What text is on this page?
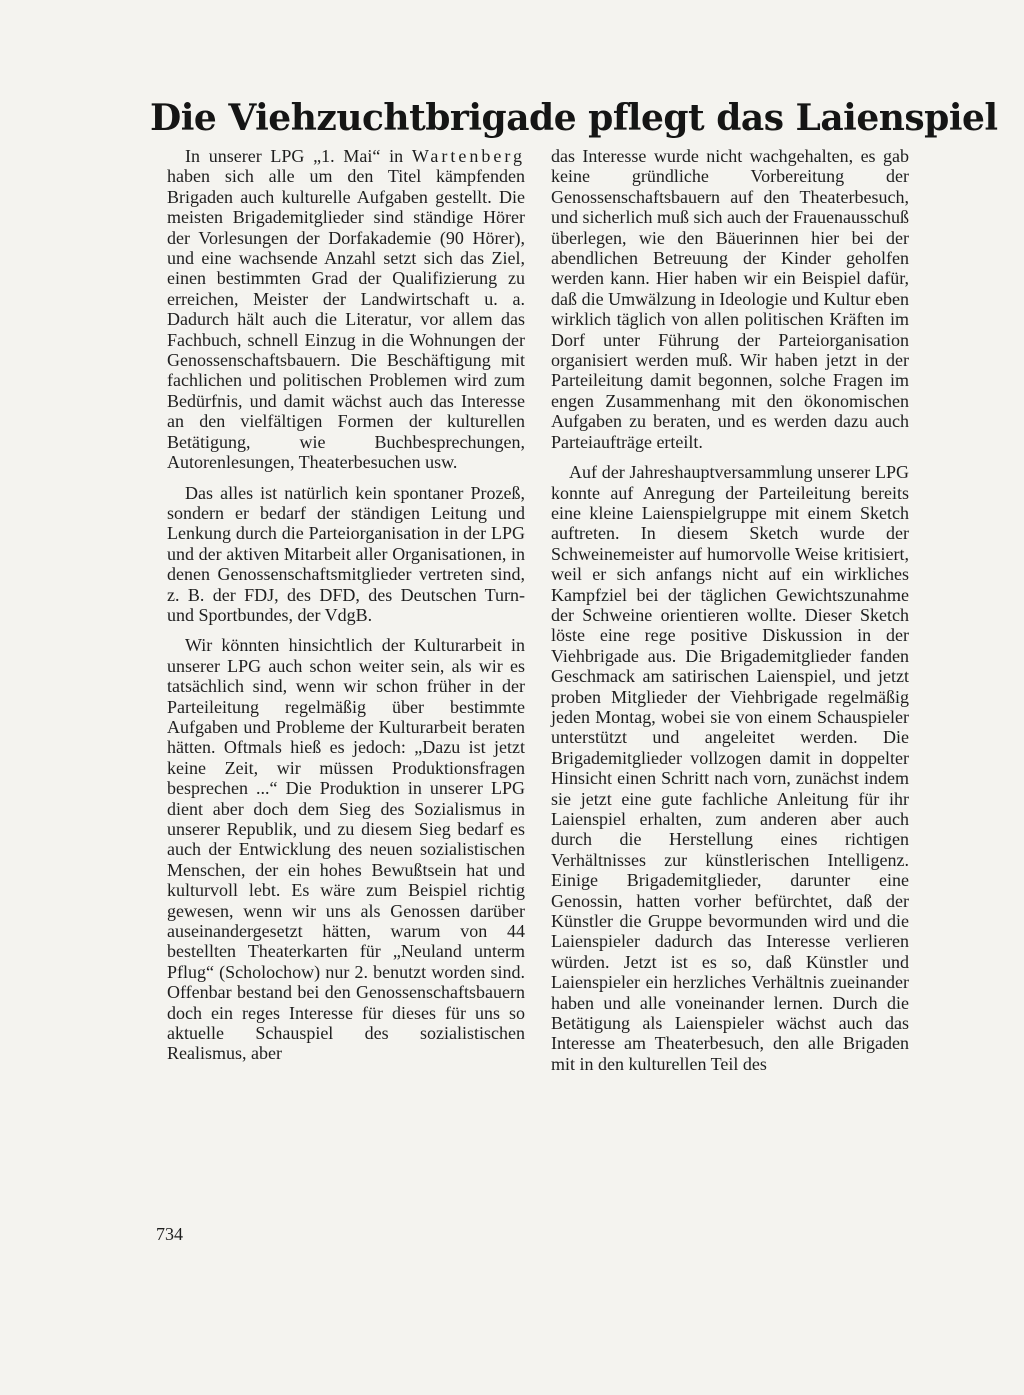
Die Viehzuchtbrigade pflegt das Laienspiel

In unserer LPG „1. Mai“ in Wartenberg haben sich alle um den Titel kämpfenden Brigaden auch kulturelle Aufgaben gestellt. Die meisten Brigademitglieder sind ständige Hörer der Vorlesungen der Dorfakademie (90 Hörer), und eine wachsende Anzahl setzt sich das Ziel, einen bestimmten Grad der Qualifizierung zu erreichen, Meister der Landwirtschaft u. a. Dadurch hält auch die Literatur, vor allem das Fachbuch, schnell Einzug in die Wohnungen der Genossenschaftsbauern. Die Beschäftigung mit fachlichen und politischen Problemen wird zum Bedürfnis, und damit wächst auch das Interesse an den vielfältigen Formen der kulturellen Betätigung, wie Buchbesprechungen, Autorenlesungen, Theaterbesuchen usw.

Das alles ist natürlich kein spontaner Prozeß, sondern er bedarf der ständigen Leitung und Lenkung durch die Parteiorganisation in der LPG und der aktiven Mitarbeit aller Organisationen, in denen Genossenschaftsmitglieder vertreten sind, z. B. der FDJ, des DFD, des Deutschen Turn- und Sportbundes, der VdgB.

Wir könnten hinsichtlich der Kulturarbeit in unserer LPG auch schon weiter sein, als wir es tatsächlich sind, wenn wir schon früher in der Parteileitung regelmäßig über bestimmte Aufgaben und Probleme der Kulturarbeit beraten hätten. Oftmals hieß es jedoch: „Dazu ist jetzt keine Zeit, wir müssen Produktionsfragen besprechen ...“ Die Produktion in unserer LPG dient aber doch dem Sieg des Sozialismus in unserer Republik, und zu diesem Sieg bedarf es auch der Entwicklung des neuen sozialistischen Menschen, der ein hohes Bewußtsein hat und kulturvoll lebt. Es wäre zum Beispiel richtig gewesen, wenn wir uns als Genossen darüber auseinandergesetzt hätten, warum von 44 bestellten Theaterkarten für „Neuland unterm Pflug“ (Scholochow) nur 2. benutzt worden sind. Offenbar bestand bei den Genossenschaftsbauern doch ein reges Interesse für dieses für uns so aktuelle Schauspiel des sozialistischen Realismus, aber

das Interesse wurde nicht wachgehalten, es gab keine gründliche Vorbereitung der Genossenschaftsbauern auf den Theaterbesuch, und sicherlich muß sich auch der Frauenausschuß überlegen, wie den Bäuerinnen hier bei der abendlichen Betreuung der Kinder geholfen werden kann. Hier haben wir ein Beispiel dafür, daß die Umwälzung in Ideologie und Kultur eben wirklich täglich von allen politischen Kräften im Dorf unter Führung der Parteiorganisation organisiert werden muß. Wir haben jetzt in der Parteileitung damit begonnen, solche Fragen im engen Zusammenhang mit den ökonomischen Aufgaben zu beraten, und es werden dazu auch Parteiaufträge erteilt.

Auf der Jahreshauptversammlung unserer LPG konnte auf Anregung der Parteileitung bereits eine kleine Laienspielgruppe mit einem Sketch auftreten. In diesem Sketch wurde der Schweinemeister auf humorvolle Weise kritisiert, weil er sich anfangs nicht auf ein wirkliches Kampfziel bei der täglichen Gewichtszunahme der Schweine orientieren wollte. Dieser Sketch löste eine rege positive Diskussion in der Viehbrigade aus. Die Brigademitglieder fanden Geschmack am satirischen Laienspiel, und jetzt proben Mitglieder der Viehbrigade regelmäßig jeden Montag, wobei sie von einem Schauspieler unterstützt und angeleitet werden. Die Brigademitglieder vollzogen damit in doppelter Hinsicht einen Schritt nach vorn, zunächst indem sie jetzt eine gute fachliche Anleitung für ihr Laienspiel erhalten, zum anderen aber auch durch die Herstellung eines richtigen Verhältnisses zur künstlerischen Intelligenz. Einige Brigademitglieder, darunter eine Genossin, hatten vorher befürchtet, daß der Künstler die Gruppe bevormunden wird und die Laienspieler dadurch das Interesse verlieren würden. Jetzt ist es so, daß Künstler und Laienspieler ein herzliches Verhältnis zueinander haben und alle voneinander lernen. Durch die Betätigung als Laienspieler wächst auch das Interesse am Theaterbesuch, den alle Brigaden mit in den kulturellen Teil des

734
